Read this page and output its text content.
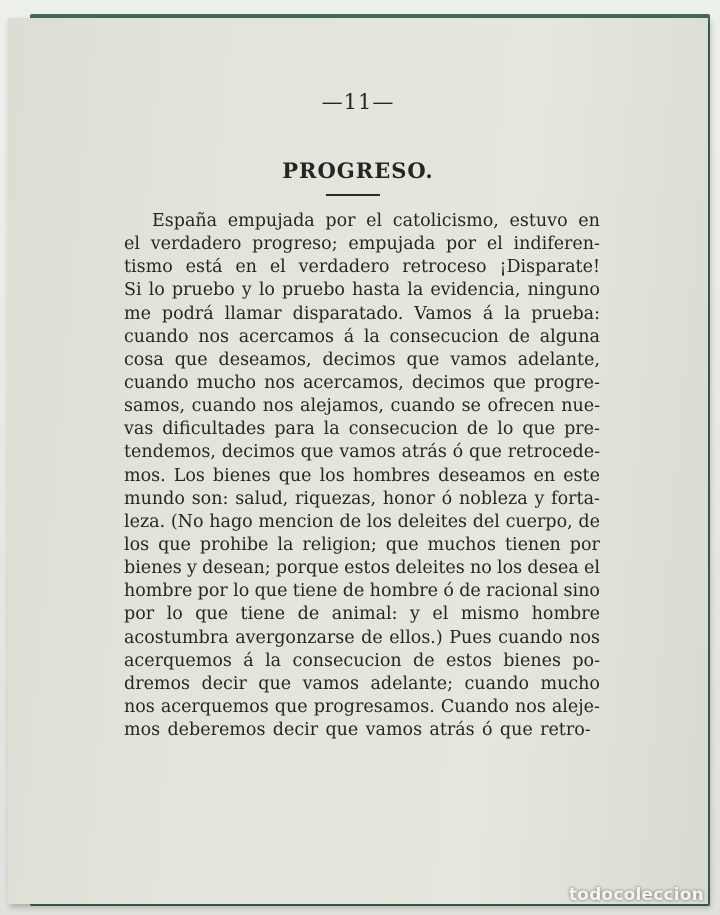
—11—
PROGRESO.
España empujada por el catolicismo, estuvo en
el verdadero progreso; empujada por el indiferen-
tismo está en el verdadero retroceso ¡Disparate!
Si lo pruebo y lo pruebo hasta la evidencia, ninguno
me podrá llamar disparatado. Vamos á la prueba:
cuando nos acercamos á la consecucion de alguna
cosa que deseamos, decimos que vamos adelante,
cuando mucho nos acercamos, decimos que progre-
samos, cuando nos alejamos, cuando se ofrecen nue-
vas dificultades para la consecucion de lo que pre-
tendemos, decimos que vamos atrás ó que retrocede-
mos. Los bienes que los hombres deseamos en este
mundo son: salud, riquezas, honor ó nobleza y forta-
leza. (No hago mencion de los deleites del cuerpo, de
los que prohibe la religion; que muchos tienen por
bienes y desean; porque estos deleites no los desea el
hombre por lo que tiene de hombre ó de racional sino
por lo que tiene de animal: y el mismo hombre
acostumbra avergonzarse de ellos.) Pues cuando nos
acerquemos á la consecucion de estos bienes po-
dremos decir que vamos adelante; cuando mucho
nos acerquemos que progresamos. Cuando nos aleje-
mos deberemos decir que vamos atrás ó que retro-
todocoleccion
